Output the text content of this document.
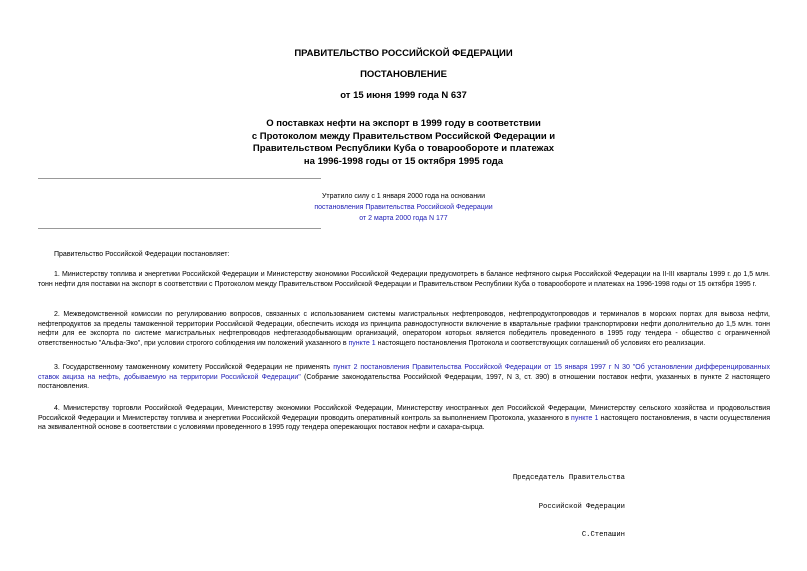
ПРАВИТЕЛЬСТВО РОССИЙСКОЙ ФЕДЕРАЦИИ
ПОСТАНОВЛЕНИЕ
от 15 июня 1999 года N 637
О поставках нефти на экспорт в 1999 году в соответствии
с Протоколом между Правительством Российской Федерации и
Правительством Республики Куба о товарообороте и платежах
на 1996-1998 годы от 15 октября 1995 года
Утратило силу с 1 января 2000 года на основании
постановления Правительства Российской Федерации
от 2 марта 2000 года N 177
Правительство Российской Федерации постановляет:
1. Министерству топлива и энергетики Российской Федерации и Министерству экономики Российской Федерации предусмотреть в балансе нефтяного сырья Российской Федерации на II-III кварталы 1999 г. до 1,5 млн. тонн нефти для поставки на экспорт в соответствии с Протоколом между Правительством Российской Федерации и Правительством Республики Куба о товарообороте и платежах на 1996-1998 годы от 15 октября 1995 г.
2. Межведомственной комиссии по регулированию вопросов, связанных с использованием системы магистральных нефтепроводов, нефтепродуктопроводов и терминалов в морских портах для вывоза нефти, нефтепродуктов за пределы таможенной территории Российской Федерации, обеспечить исходя из принципа равнодоступности включение в квартальные графики транспортировки нефти дополнительно до 1,5 млн. тонн нефти для ее экспорта по системе магистральных нефтепроводов нефтегазодобывающим организаций, оператором которых является победитель проведенного в 1995 году тендера - общество с ограниченной ответственностью "Альфа-Эко", при условии строгого соблюдения им положений указанного в пункте 1 настоящего постановления Протокола и соответствующих соглашений об условиях его реализации.
3. Государственному таможенному комитету Российской Федерации не применять пункт 2 постановления Правительства Российской Федерации от 15 января 1997 г N 30 "Об установлении дифференцированных ставок акциза на нефть, добываемую на территории Российской Федерации" (Собрание законодательства Российской Федерации, 1997, N 3, ст. 390) в отношении поставок нефти, указанных в пункте 2 настоящего постановления.
4. Министерству торговли Российской Федерации, Министерству экономики Российской Федерации, Министерству иностранных дел Российской Федерации, Министерству сельского хозяйства и продовольствия Российской Федерации и Министерству топлива и энергетики Российской Федерации проводить оперативный контроль за выполнением Протокола, указанного в пункте 1 настоящего постановления, в части осуществления на эквивалентной основе в соответствии с условиями проведенного в 1995 году тендера опережающих поставок нефти и сахара-сырца.

Председатель Правительства

Российской Федерации

С.Степашин
